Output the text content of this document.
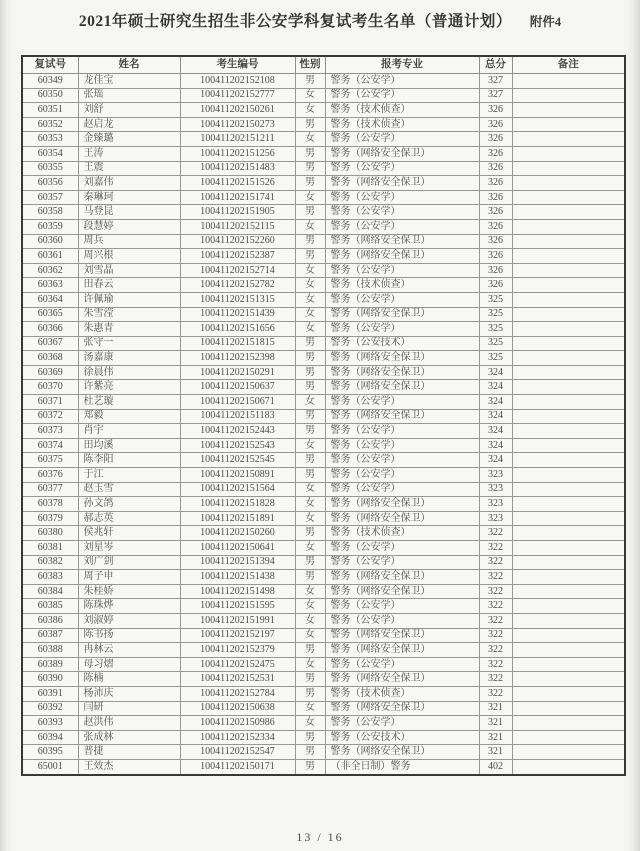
2021年硕士研究生招生非公安学科复试考生名单（普通计划） 附件4
复试号	姓名	考生编号	性别	报考专业	总分	备注
60349	龙佳宝	100411202152108	男	警务（公安学）	327	
60350	张瑶	100411202152777	女	警务（公安学）	327	
60351	刘舒	100411202150261	女	警务（技术侦查）	326	
60352	赵启龙	100411202150273	男	警务（技术侦查）	326	
60353	金臻璐	100411202151211	女	警务（公安学）	326	
60354	王涛	100411202151256	男	警务（网络安全保卫）	326	
60355	王震	100411202151483	男	警务（公安学）	326	
60356	刘嘉伟	100411202151526	男	警务（网络安全保卫）	326	
60357	秦琳珂	100411202151741	女	警务（公安学）	326	
60358	马登昆	100411202151905	男	警务（公安学）	326	
60359	段慧婷	100411202152115	女	警务（公安学）	326	
60360	周兵	100411202152260	男	警务（网络安全保卫）	326	
60361	周兴根	100411202152387	男	警务（网络安全保卫）	326	
60362	刘雪晶	100411202152714	女	警务（公安学）	326	
60363	田春云	100411202152782	女	警务（技术侦查）	326	
60364	许佩瑜	100411202151315	女	警务（公安学）	325	
60365	朱雪滢	100411202151439	女	警务（网络安全保卫）	325	
60366	朱惠青	100411202151656	女	警务（公安学）	325	
60367	张守一	100411202151815	男	警务（公安技术）	325	
60368	汤嘉康	100411202152398	男	警务（网络安全保卫）	325	
60369	徐晨伟	100411202150291	男	警务（网络安全保卫）	324	
60370	许紫亮	100411202150637	男	警务（网络安全保卫）	324	
60371	杜艺璇	100411202150671	女	警务（公安学）	324	
60372	郑毅	100411202151183	男	警务（网络安全保卫）	324	
60373	肖宇	100411202152443	男	警务（公安学）	324	
60374	田均溪	100411202152543	女	警务（公安学）	324	
60375	陈李阳	100411202152545	男	警务（公安学）	324	
60376	于江	100411202150891	男	警务（公安学）	323	
60377	赵玉雪	100411202151564	女	警务（公安学）	323	
60378	孙文鸽	100411202151828	女	警务（网络安全保卫）	323	
60379	郝志英	100411202151891	女	警务（网络安全保卫）	323	
60380	侯兆轩	100411202150260	男	警务（技术侦查）	322	
60381	刘星岑	100411202150641	女	警务（公安学）	322	
60382	刘广剑	100411202151394	男	警务（公安学）	322	
60383	周子申	100411202151438	男	警务（网络安全保卫）	322	
60384	朱桂娇	100411202151498	女	警务（网络安全保卫）	322	
60385	陈珠烨	100411202151595	女	警务（公安学）	322	
60386	刘淑婷	100411202151991	女	警务（公安学）	322	
60387	陈书扬	100411202152197	女	警务（网络安全保卫）	322	
60388	冉林云	100411202152379	男	警务（网络安全保卫）	322	
60389	母习熠	100411202152475	女	警务（公安学）	322	
60390	陈楠	100411202152531	男	警务（网络安全保卫）	322	
60391	杨沛庆	100411202152784	男	警务（技术侦查）	322	
60392	闫研	100411202150638	女	警务（网络安全保卫）	321	
60393	赵洪伟	100411202150986	女	警务（公安学）	321	
60394	张成林	100411202152334	男	警务（公安技术）	321	
60395	普捷	100411202152547	男	警务（网络安全保卫）	321	
65001	王效杰	100411202150171	男	（非全日制）警务	402	
13 / 16
